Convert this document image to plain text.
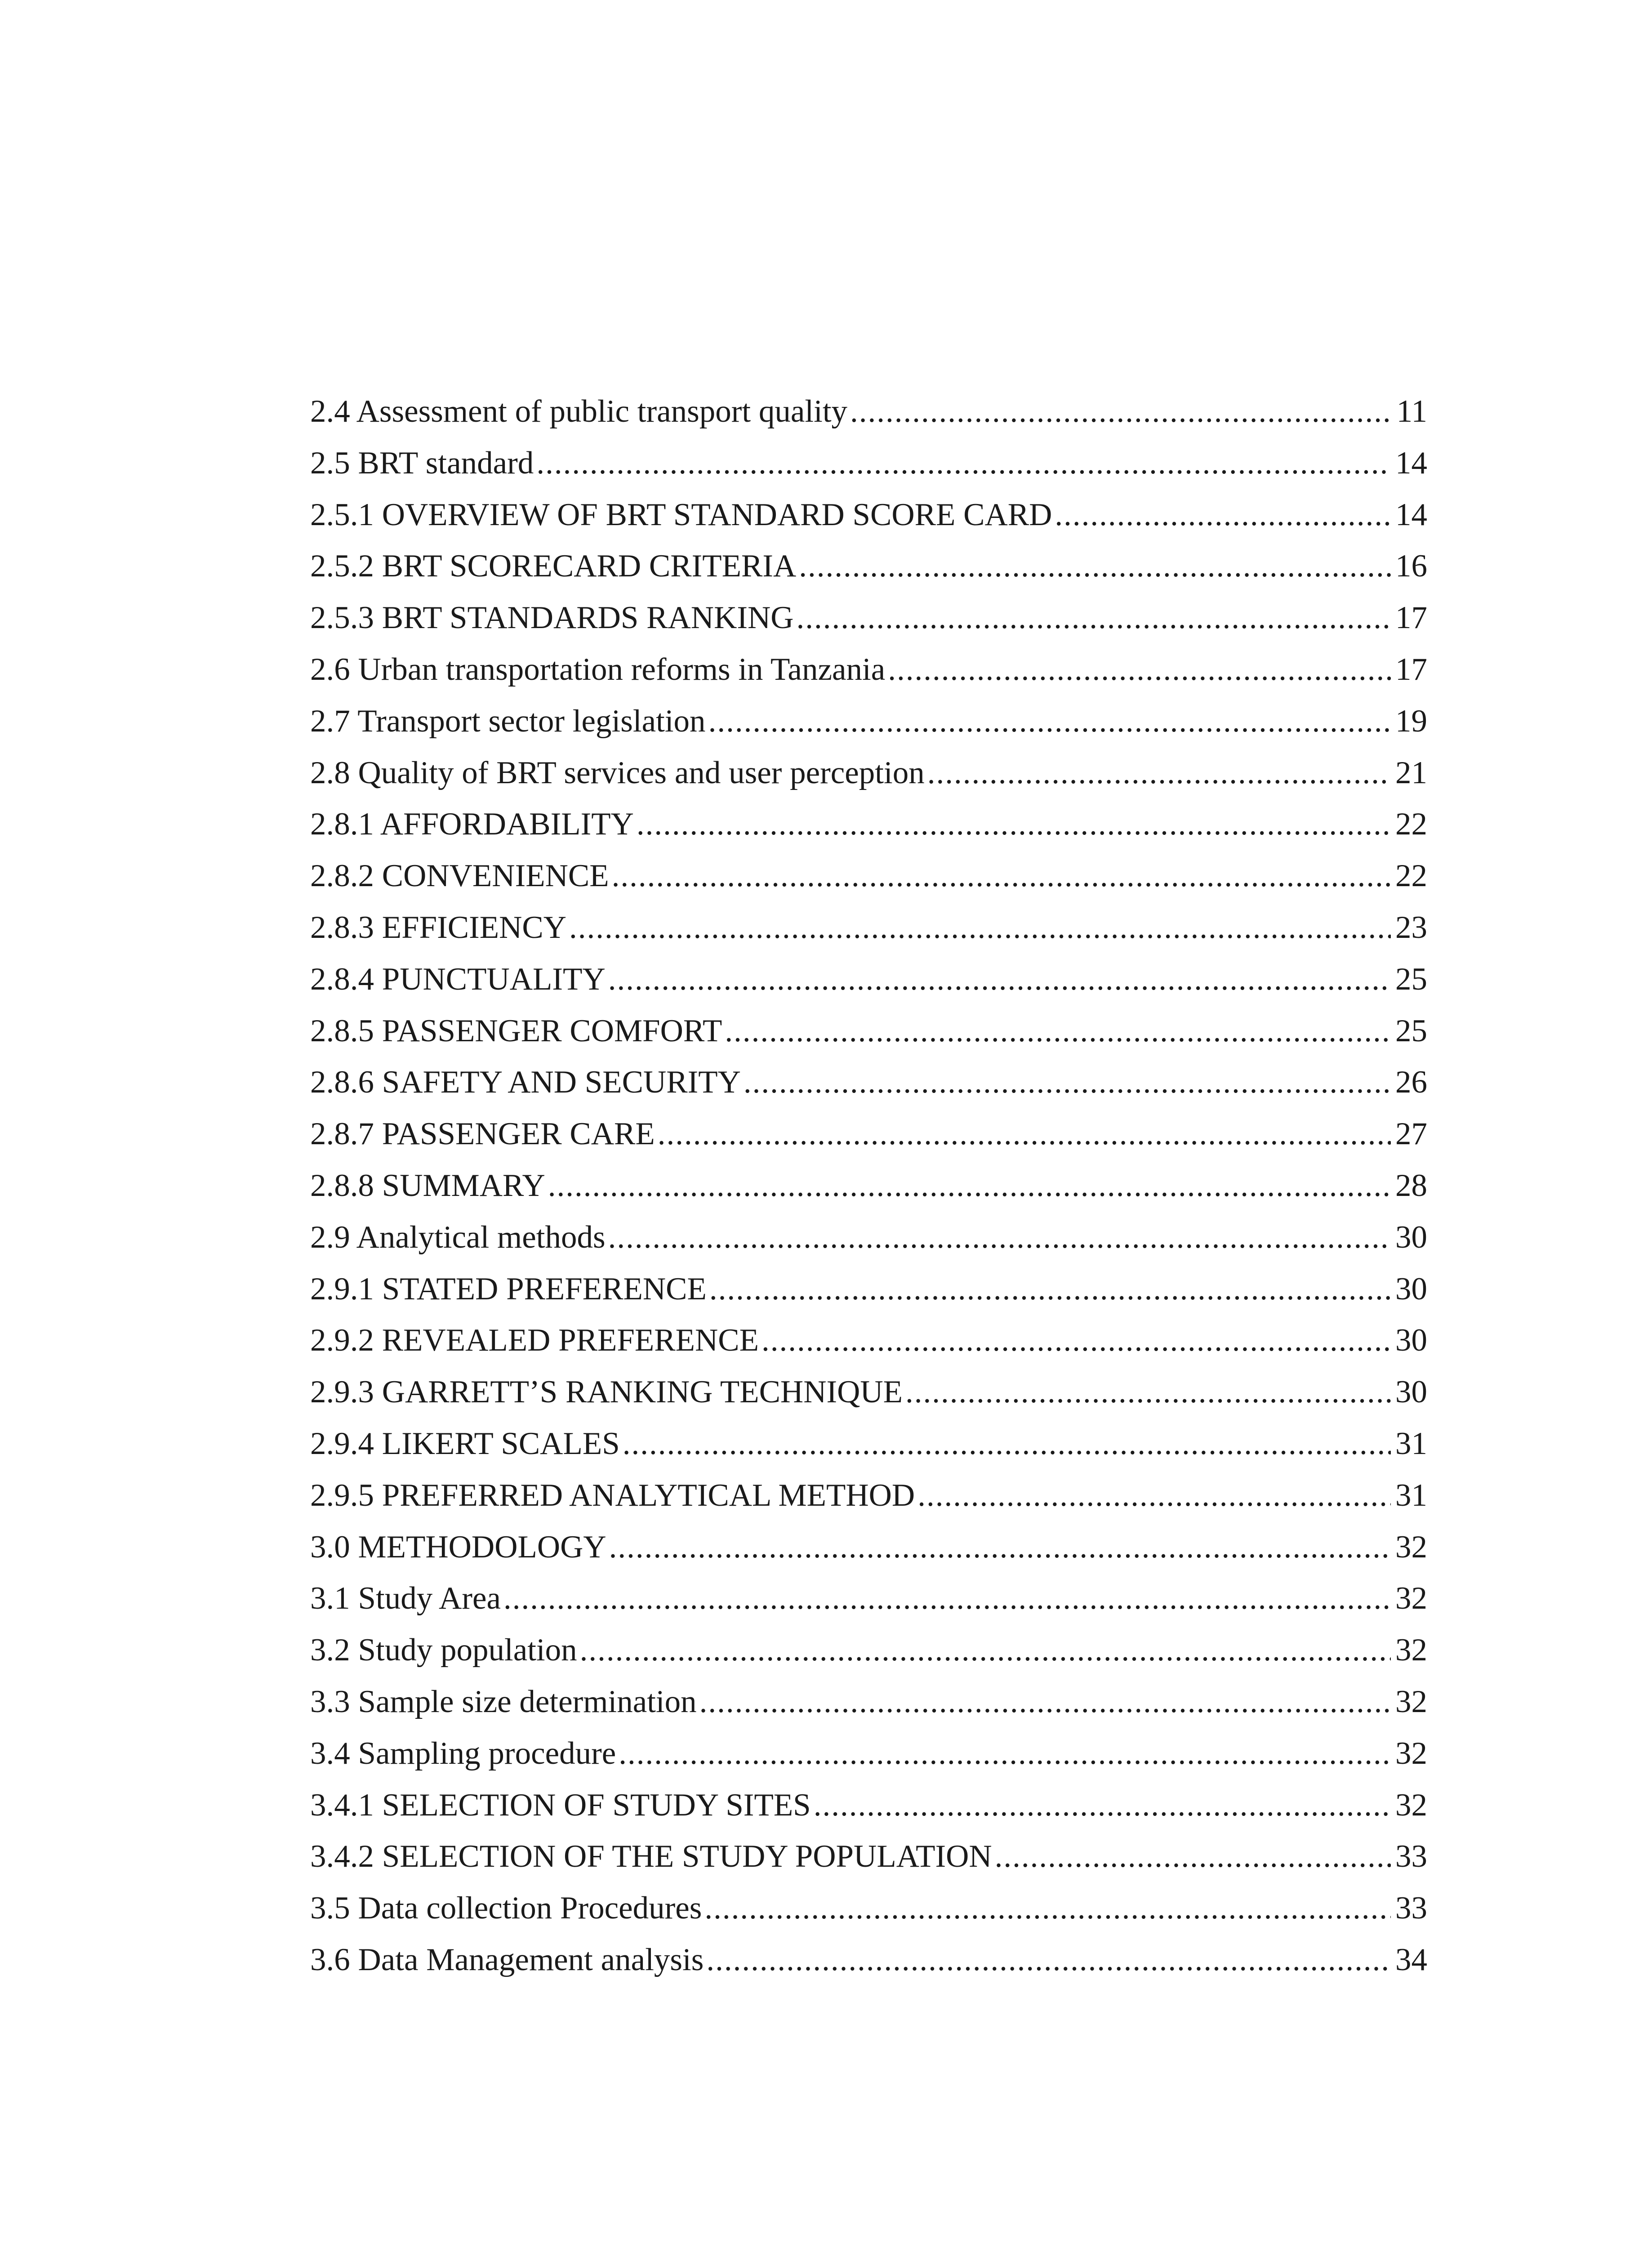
2.4 Assessment of public transport quality .....	11
2.5 BRT standard .....	14
2.5.1 OVERVIEW OF BRT STANDARD SCORE CARD .....	14
2.5.2 BRT SCORECARD CRITERIA .....	16
2.5.3 BRT STANDARDS RANKING .....	17
2.6 Urban transportation reforms in Tanzania .....	17
2.7 Transport sector legislation .....	19
2.8 Quality of BRT services and user perception .....	21
2.8.1 AFFORDABILITY .....	22
2.8.2 CONVENIENCE .....	22
2.8.3 EFFICIENCY .....	23
2.8.4 PUNCTUALITY .....	25
2.8.5 PASSENGER COMFORT .....	25
2.8.6 SAFETY AND SECURITY .....	26
2.8.7 PASSENGER CARE .....	27
2.8.8 SUMMARY .....	28
2.9 Analytical methods .....	30
2.9.1 STATED PREFERENCE .....	30
2.9.2 REVEALED PREFERENCE .....	30
2.9.3 GARRETT’S RANKING TECHNIQUE .....	30
2.9.4 LIKERT SCALES .....	31
2.9.5 PREFERRED ANALYTICAL METHOD .....	31
3.0 METHODOLOGY .....	32
3.1 Study Area .....	32
3.2 Study population .....	32
3.3 Sample size determination .....	32
3.4 Sampling procedure .....	32
3.4.1 SELECTION OF STUDY SITES .....	32
3.4.2 SELECTION OF THE STUDY POPULATION .....	33
3.5 Data collection Procedures .....	33
3.6 Data Management analysis .....	34
